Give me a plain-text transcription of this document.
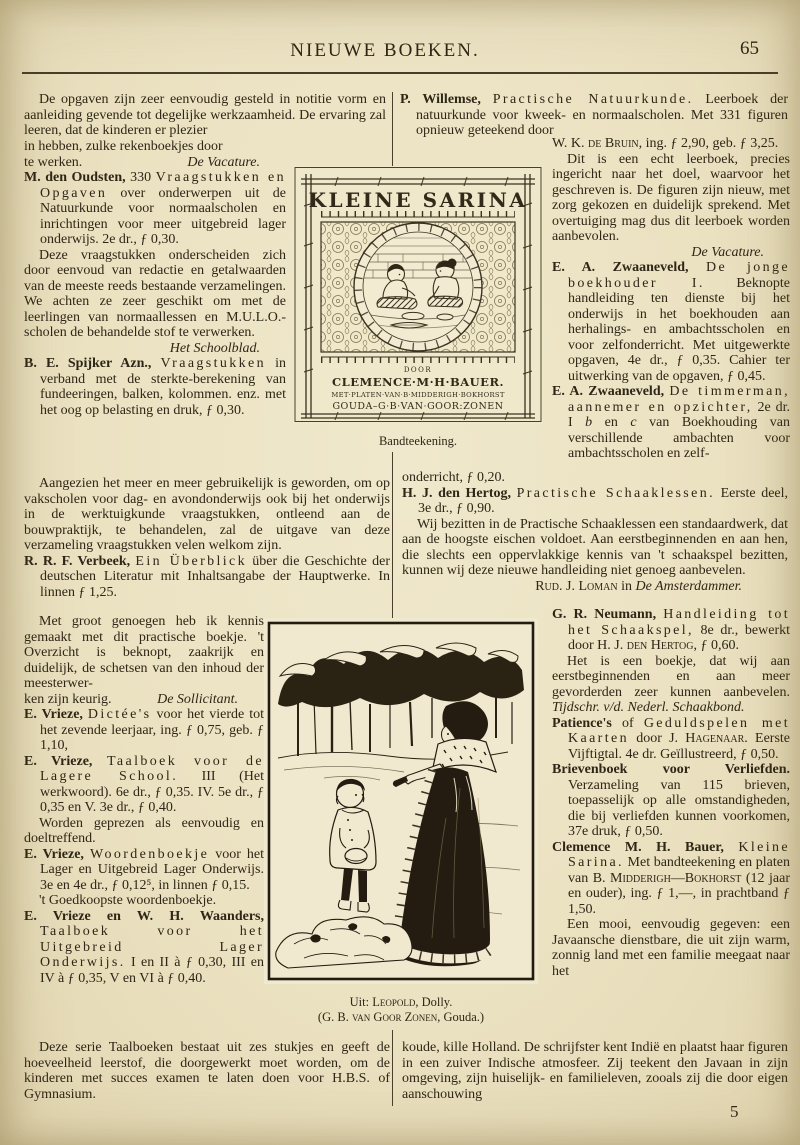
NIEUWE BOEKEN.	65

De opgaven zijn zeer eenvoudig gesteld in notitie vorm en aanleiding gevende tot degelijke werkzaamheid. De ervaring zal leeren, dat de kinderen er plezier

in hebben, zulke rekenboekjes door

te werken.	De Vacature.

M. den Oudsten, 330 Vraagstukken en Opgaven over onderwerpen uit de Natuurkunde voor normaalscholen en inrichtingen voor meer uitgebreid lager onderwijs. 2e dr., ƒ 0,30.

Deze vraagstukken onderscheiden zich door eenvoud van redactie en getalwaarden van de meeste reeds bestaande verzamelingen. We achten ze zeer geschikt om met de leerlingen van normaallessen en M.U.L.O.-scholen de behandelde stof te verwerken.

Het Schoolblad.

B. E. Spijker Azn., Vraagstukken in verband met de sterkte-berekening van fundeeringen, balken, kolommen. enz. met het oog op belasting en druk, ƒ 0,30.

Aangezien het meer en meer gebruikelijk is geworden, om op vakscholen voor dag- en avondonderwijs ook bij het onderwijs in de werktuigkunde vraagstukken, ontleend aan de bouwpraktijk, te behandelen, zal de uitgave van deze verzameling vraagstukken velen welkom zijn.

R. R. F. Verbeek, Ein Überblick über die Geschichte der deutschen Literatur mit Inhaltsangabe der Hauptwerke. In linnen ƒ 1,25.

Met groot genoegen heb ik kennis gemaakt met dit practische boekje. 't Overzicht is beknopt, zaakrijk en duidelijk, de schetsen van den inhoud der meesterwer-

ken zijn keurig.	De Sollicitant.

E. Vrieze, Dictée's voor het vierde tot het zevende leerjaar, ing. ƒ 0,75, geb. ƒ 1,10,

E. Vrieze, Taalboek voor de Lagere School. III (Het werkwoord). 6e dr., ƒ 0,35. IV. 5e dr., ƒ 0,35 en V. 3e dr., ƒ 0,40.

Worden geprezen als eenvoudig en doeltreffend.

E. Vrieze, Woordenboekje voor het Lager en Uitgebreid Lager Onderwijs. 3e en 4e dr., ƒ 0,12⁵, in linnen ƒ 0,15.

't Goedkoopste woordenboekje.

E. Vrieze en W. H. Waanders, Taalboek voor het Uitgebreid Lager Onderwijs. I en II à ƒ 0,30, III en IV à ƒ 0,35, V en VI à ƒ 0,40.

Deze serie Taalboeken bestaat uit zes stukjes en geeft de hoeveelheid leerstof, die doorgewerkt moet worden, om de kinderen met succes examen te laten doen voor H.B.S. of Gymnasium.

P. Willemse, Practische Natuurkunde. Leerboek der natuurkunde voor kweek- en normaalscholen. Met 331 figuren opnieuw geteekend door

W. K. de Bruin, ing. ƒ 2,90, geb. ƒ 3,25.

Dit is een echt leerboek, precies ingericht naar het doel, waarvoor het geschreven is. De figuren zijn nieuw, met zorg gekozen en duidelijk sprekend. Met overtuiging mag dus dit leerboek worden aanbevolen.

De Vacature.

E. A. Zwaaneveld, De jonge boekhouder I. Beknopte handleiding ten dienste bij het onderwijs in het boekhouden aan herhalings- en ambachtsscholen en voor zelfonderricht. Met uitgewerkte opgaven, 4e dr., ƒ 0,35. Cahier ter uitwerking van de opgaven, ƒ 0,45.

E. A. Zwaaneveld, De timmerman, aannemer en opzichter, 2e dr. I b en c van Boekhouding van verschillende ambachten voor ambachtsscholen en zelf-

onderricht, ƒ 0,20.

H. J. den Hertog, Practische Schaaklessen. Eerste deel, 3e dr., ƒ 0,90.

Wij bezitten in de Practische Schaaklessen een standaardwerk, dat aan de hoogste eischen voldoet. Aan eerstbeginnenden en aan hen, die slechts een oppervlakkige kennis van 't schaakspel bezitten, kunnen wij deze nieuwe handleiding niet genoeg aanbevelen.

Rud. J. Loman in De Amsterdammer.

G. R. Neumann, Handleiding tot het Schaakspel, 8e dr., bewerkt door H. J. den Hertog, ƒ 0,60.

Het is een boekje, dat wij aan eerstbeginnenden en aan meer gevorderden zeer kunnen aanbevelen. Tijdschr. v/d. Nederl. Schaakbond.

Patience's of Geduldspelen met Kaarten door J. Hagenaar. Eerste Vijftigtal. 4e dr. Geïllustreerd, ƒ 0,50.

Brievenboek voor Verliefden. Verzameling van 115 brieven, toepasselijk op alle omstandigheden, die bij verliefden kunnen voorkomen, 37e druk, ƒ 0,50.

Clemence M. H. Bauer, Kleine Sarina. Met bandteekening en platen van B. Midderigh—Bokhorst (12 jaar en ouder), ing. ƒ 1,—, in prachtband ƒ 1,50.

Een mooi, eenvoudig gegeven: een Javaansche dienstbare, die uit zijn warm, zonnig land met een familie meegaat naar het

koude, kille Holland. De schrijfster kent Indië en plaatst haar figuren in een zuiver Indische atmosfeer. Zij teekent den Javaan in zijn omgeving, zijn huiselijk- en familieleven, zooals zij die door eigen aanschouwing

KLEINE SARINA
DOOR
CLEMENCE·M·H·BAUER.
MET·PLATEN·VAN·B·MIDDERIGH·BOKHORST
GOUDA–G·B·VAN·GOOR:ZONEN

Bandteekening.

Uit: Leopold, Dolly.

(G. B. van Goor Zonen, Gouda.)

5
